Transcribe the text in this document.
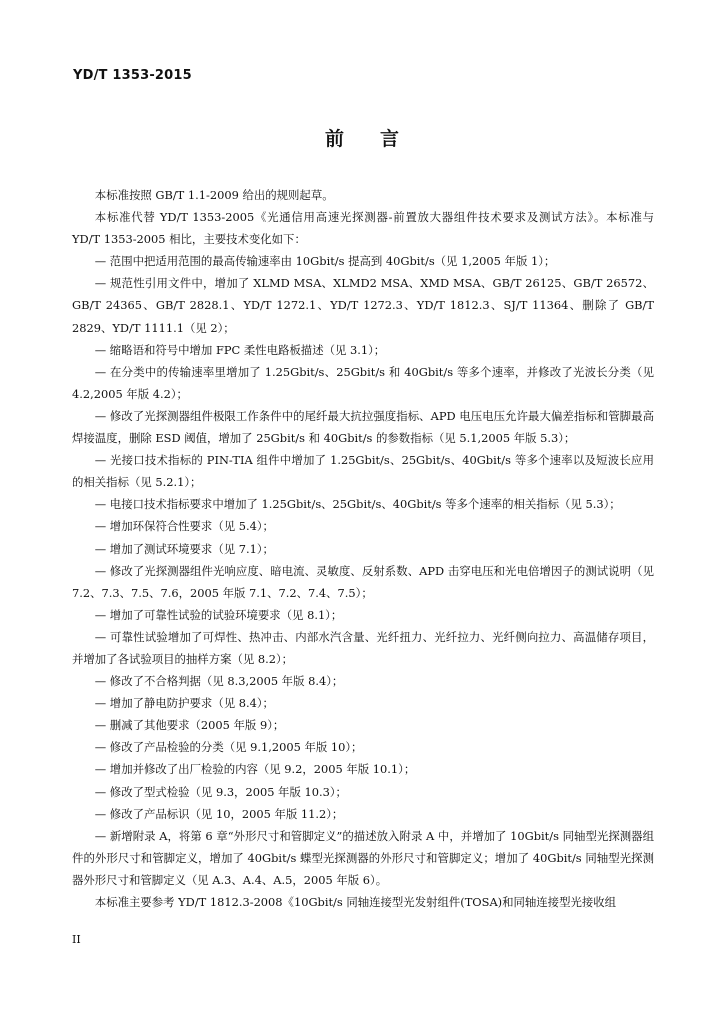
YD/T 1353-2015
前言

本标准按照 GB/T 1.1-2009 给出的规则起草。

本标准代替 YD/T 1353-2005《光通信用高速光探测器-前置放大器组件技术要求及测试方法》。本标准与 YD/T 1353-2005 相比，主要技术变化如下：

— 范围中把适用范围的最高传输速率由 10Gbit/s 提高到 40Gbit/s（见 1,2005 年版 1）；

— 规范性引用文件中，增加了 XLMD MSA、XLMD2 MSA、XMD MSA、GB/T 26125、GB/T 26572、GB/T 24365、GB/T 2828.1、YD/T 1272.1、YD/T 1272.3、YD/T 1812.3、SJ/T 11364、删除了 GB/T 2829、YD/T 1111.1（见 2）；

— 缩略语和符号中增加 FPC 柔性电路板描述（见 3.1）；

— 在分类中的传输速率里增加了 1.25Gbit/s、25Gbit/s 和 40Gbit/s 等多个速率，并修改了光波长分类（见 4.2,2005 年版 4.2）；

— 修改了光探测器组件极限工作条件中的尾纤最大抗拉强度指标、APD 电压电压允许最大偏差指标和管脚最高焊接温度，删除 ESD 阈值，增加了 25Gbit/s 和 40Gbit/s 的参数指标（见 5.1,2005 年版 5.3）；

— 光接口技术指标的 PIN-TIA 组件中增加了 1.25Gbit/s、25Gbit/s、40Gbit/s 等多个速率以及短波长应用的相关指标（见 5.2.1）；

— 电接口技术指标要求中增加了 1.25Gbit/s、25Gbit/s、40Gbit/s 等多个速率的相关指标（见 5.3）；

— 增加环保符合性要求（见 5.4）；

— 增加了测试环境要求（见 7.1）；

— 修改了光探测器组件光响应度、暗电流、灵敏度、反射系数、APD 击穿电压和光电倍增因子的测试说明（见 7.2、7.3、7.5、7.6，2005 年版 7.1、7.2、7.4、7.5）；

— 增加了可靠性试验的试验环境要求（见 8.1）；

— 可靠性试验增加了可焊性、热冲击、内部水汽含量、光纤扭力、光纤拉力、光纤侧向拉力、高温储存项目，并增加了各试验项目的抽样方案（见 8.2）；

— 修改了不合格判据（见 8.3,2005 年版 8.4）；

— 增加了静电防护要求（见 8.4）；

— 删减了其他要求（2005 年版 9）；

— 修改了产品检验的分类（见 9.1,2005 年版 10）；

— 增加并修改了出厂检验的内容（见 9.2，2005 年版 10.1）；

— 修改了型式检验（见 9.3，2005 年版 10.3）；

— 修改了产品标识（见 10，2005 年版 11.2）；

— 新增附录 A，将第 6 章“外形尺寸和管脚定义”的描述放入附录 A 中，并增加了 10Gbit/s 同轴型光探测器组件的外形尺寸和管脚定义，增加了 40Gbit/s 蝶型光探测器的外形尺寸和管脚定义；增加了 40Gbit/s 同轴型光探测器外形尺寸和管脚定义（见 A.3、A.4、A.5，2005 年版 6）。

本标准主要参考 YD/T 1812.3-2008《10Gbit/s 同轴连接型光发射组件(TOSA)和同轴连接型光接收组

II
